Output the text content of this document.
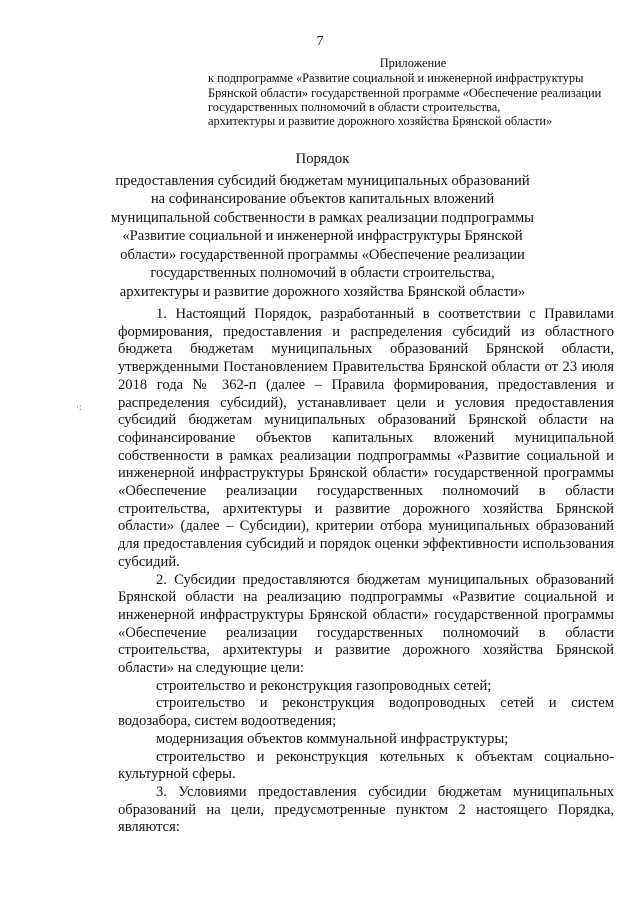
7
Приложение
к подпрограмме «Развитие социальной и инженерной инфраструктуры
Брянской области» государственной программе «Обеспечение реализации
государственных полномочий в области строительства,
архитектуры и развитие дорожного хозяйства Брянской области»
Порядок
предоставления субсидий бюджетам муниципальных образований на софинансирование объектов капитальных вложений муниципальной собственности в рамках реализации подпрограммы «Развитие социальной и инженерной инфраструктуры Брянской области» государственной программы «Обеспечение реализации государственных полномочий в области строительства, архитектуры и развитие дорожного хозяйства Брянской области»
·:

1. Настоящий Порядок, разработанный в соответствии с Правилами формирования, предоставления и распределения субсидий из областного бюджета бюджетам муниципальных образований Брянской области, утвержденными Постановлением Правительства Брянской области от 23 июля 2018 года № 362-п (далее – Правила формирования, предоставления и распределения субсидий), устанавливает цели и условия предоставления субсидий бюджетам муниципальных образований Брянской области на софинансирование объектов капитальных вложений муниципальной собственности в рамках реализации подпрограммы «Развитие социальной и инженерной инфраструктуры Брянской области» государственной программы «Обеспечение реализации государственных полномочий в области строительства, архитектуры и развитие дорожного хозяйства Брянской области» (далее – Субсидии), критерии отбора муниципальных образований для предоставления субсидий и порядок оценки эффективности использования субсидий.

2. Субсидии предоставляются бюджетам муниципальных образований Брянской области на реализацию подпрограммы «Развитие социальной и инженерной инфраструктуры Брянской области» государственной программы «Обеспечение реализации государственных полномочий в области строительства, архитектуры и развитие дорожного хозяйства Брянской области» на следующие цели:

строительство и реконструкция газопроводных сетей;

строительство и реконструкция водопроводных сетей и систем водозабора, систем водоотведения;

модернизация объектов коммунальной инфраструктуры;

строительство и реконструкция котельных к объектам социально-культурной сферы.

3. Условиями предоставления субсидии бюджетам муниципальных образований на цели, предусмотренные пунктом 2 настоящего Порядка, являются:
